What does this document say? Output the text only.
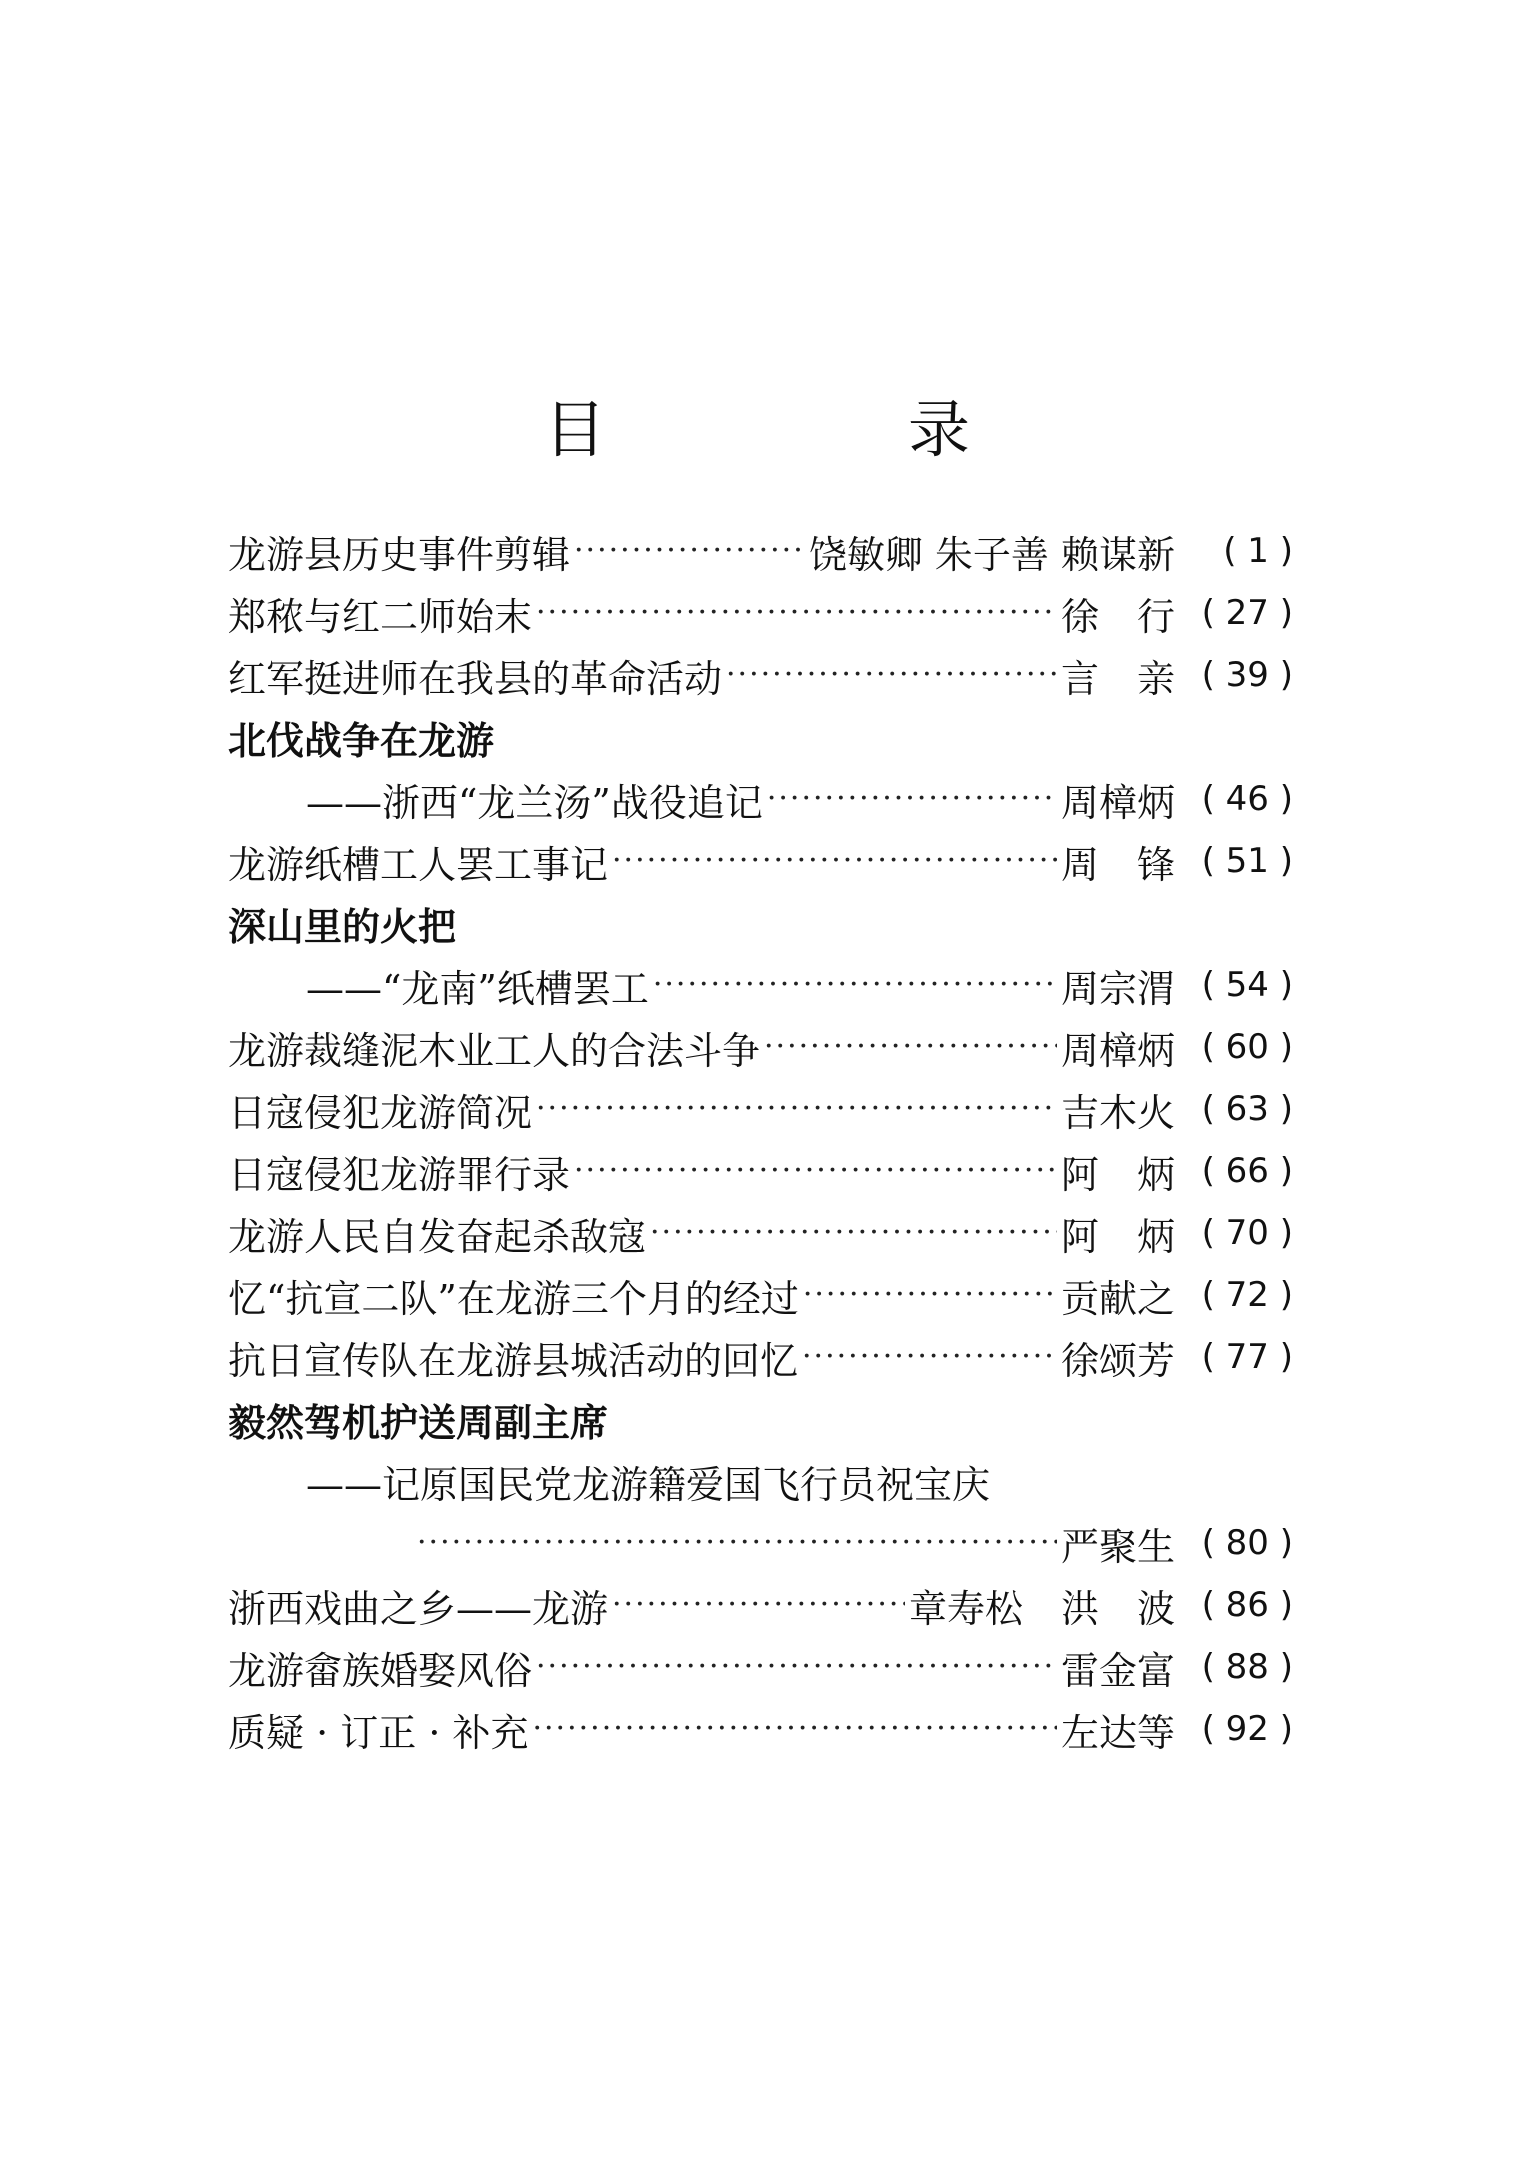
目　录
龙游县历史事件剪辑 ·····	饶敏卿 朱子善 赖谋新	( 1 )
郑秾与红二师始末 ·····	徐　行 ( 27 )
红军挺进师在我县的革命活动 ·····	言　亲 ( 39 )
北伐战争在龙游
——浙西“龙兰汤”战役追记 ·····	周樟炳 ( 46 )
龙游纸槽工人罢工事记 ·····	周　锋 ( 51 )
深山里的火把
——“龙南”纸槽罢工 ·····	周宗渭 ( 54 )
龙游裁缝泥木业工人的合法斗争 ·····	周樟炳 ( 60 )
日寇侵犯龙游简况 ·····	吉木火 ( 63 )
日寇侵犯龙游罪行录 ·····	阿　炳 ( 66 )
龙游人民自发奋起杀敌寇 ·····	阿　炳 ( 70 )
忆“抗宣二队”在龙游三个月的经过 ·····	贡献之 ( 72 )
抗日宣传队在龙游县城活动的回忆 ·····	徐颂芳 ( 77 )
毅然驾机护送周副主席
——记原国民党龙游籍爱国飞行员祝宝庆
·····
严聚生 ( 80 )
浙西戏曲之乡——龙游 ·····	章寿松　洪　波 ( 86 )
龙游畲族婚娶风俗 ·····	雷金富 ( 88 )
质疑 · 订正 · 补充 ·····	左达等 ( 92 )
